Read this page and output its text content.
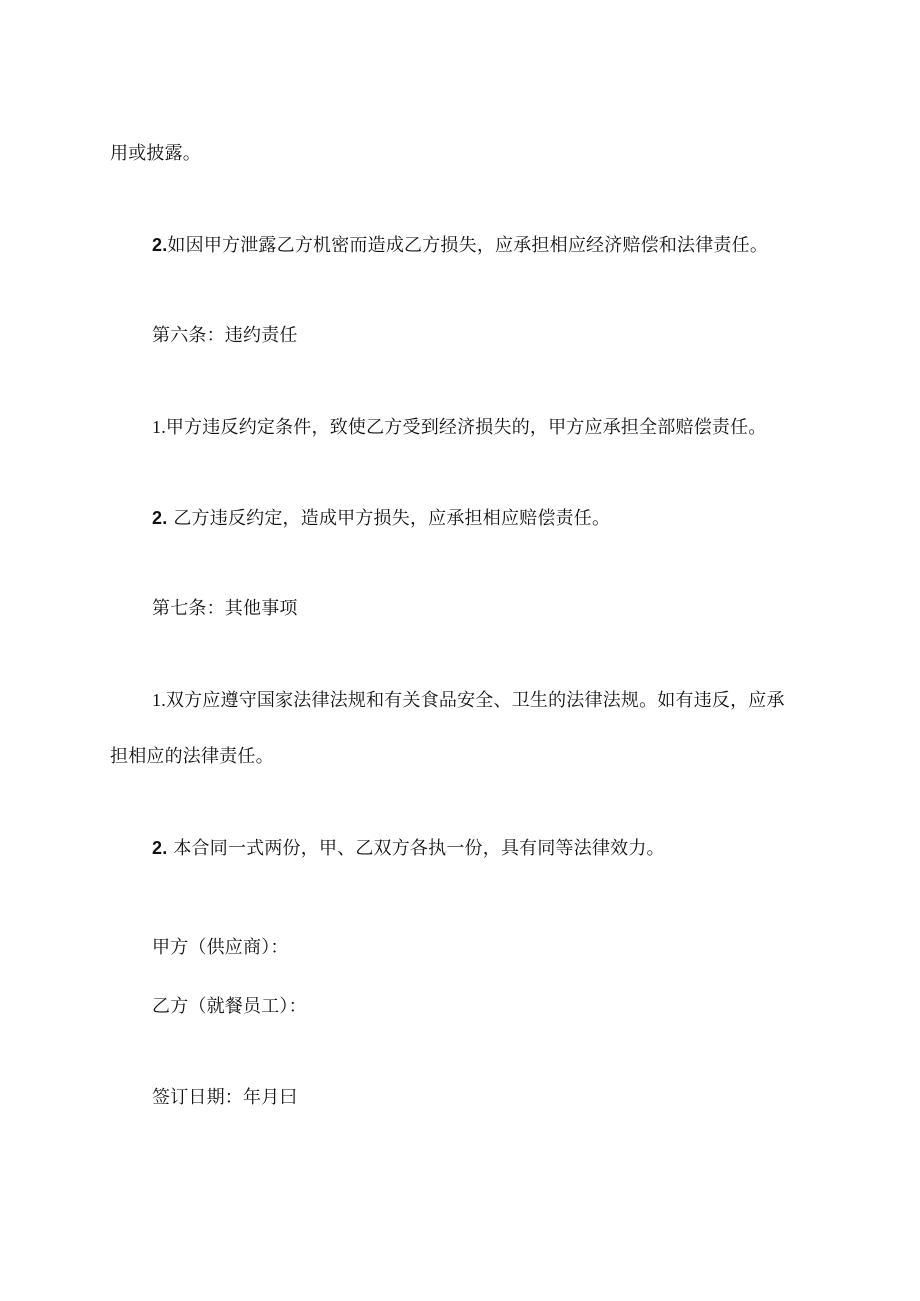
用或披露。
2.如因甲方泄露乙方机密而造成乙方损失，应承担相应经济赔偿和法律责任。
第六条：违约责任
1.甲方违反约定条件，致使乙方受到经济损失的，甲方应承担全部赔偿责任。
2. 乙方违反约定，造成甲方损失，应承担相应赔偿责任。
第七条：其他事项
1.双方应遵守国家法律法规和有关食品安全、卫生的法律法规。如有违反，应承
担相应的法律责任。
2. 本合同一式两份，甲、乙双方各执一份，具有同等法律效力。
甲方（供应商）：
乙方（就餐员工）：
签订日期：年月曰
